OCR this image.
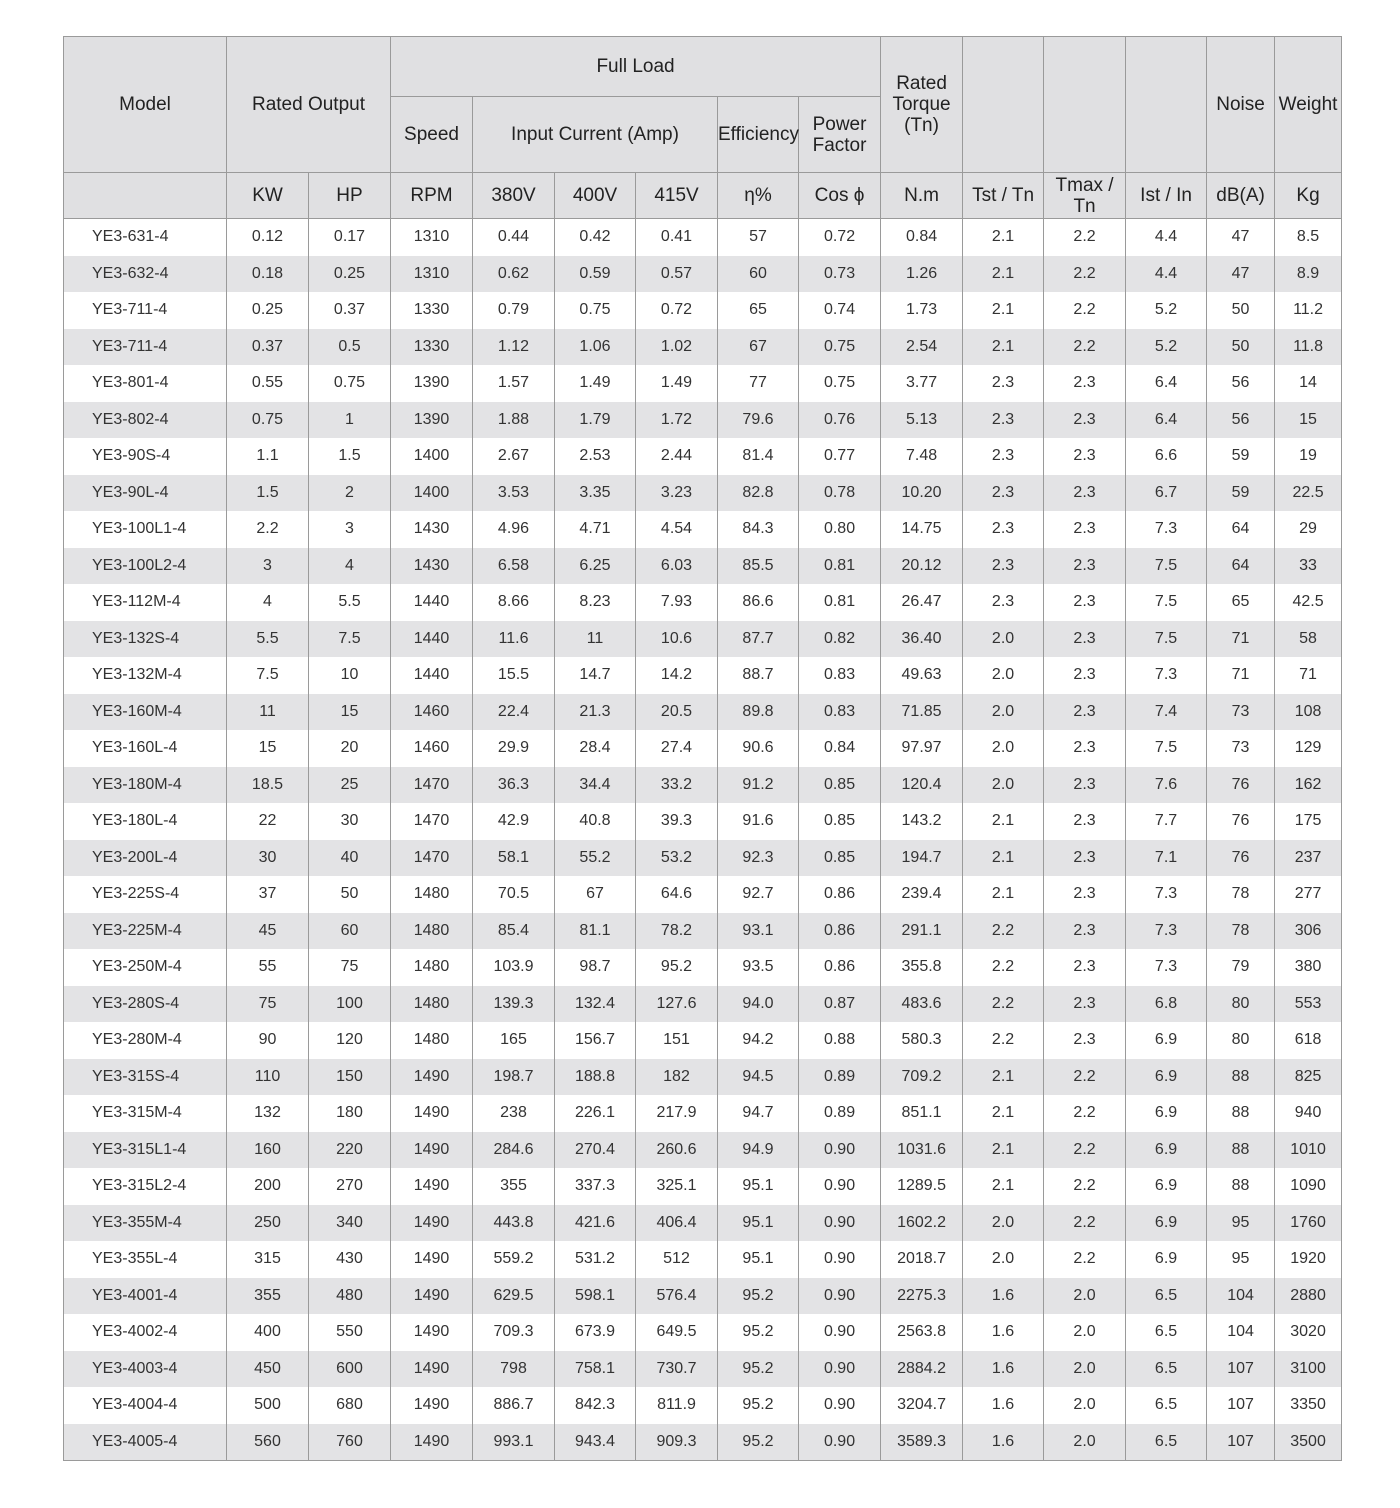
Model	Rated Output		Full Load						Rated Torque (Tn)				Noise	Weight
			Speed	Input Current (Amp)			Efficiency	Power Factor						
	KW	HP	RPM	380V	400V	415V	η%	Cos ϕ	N.m	Tst / Tn	Tmax / Tn	Ist / In	dB(A)	Kg
YE3-631-4	0.12	0.17	1310	0.44	0.42	0.41	57	0.72	0.84	2.1	2.2	4.4	47	8.5
YE3-632-4	0.18	0.25	1310	0.62	0.59	0.57	60	0.73	1.26	2.1	2.2	4.4	47	8.9
YE3-711-4	0.25	0.37	1330	0.79	0.75	0.72	65	0.74	1.73	2.1	2.2	5.2	50	11.2
YE3-711-4	0.37	0.5	1330	1.12	1.06	1.02	67	0.75	2.54	2.1	2.2	5.2	50	11.8
YE3-801-4	0.55	0.75	1390	1.57	1.49	1.49	77	0.75	3.77	2.3	2.3	6.4	56	14
YE3-802-4	0.75	1	1390	1.88	1.79	1.72	79.6	0.76	5.13	2.3	2.3	6.4	56	15
YE3-90S-4	1.1	1.5	1400	2.67	2.53	2.44	81.4	0.77	7.48	2.3	2.3	6.6	59	19
YE3-90L-4	1.5	2	1400	3.53	3.35	3.23	82.8	0.78	10.20	2.3	2.3	6.7	59	22.5
YE3-100L1-4	2.2	3	1430	4.96	4.71	4.54	84.3	0.80	14.75	2.3	2.3	7.3	64	29
YE3-100L2-4	3	4	1430	6.58	6.25	6.03	85.5	0.81	20.12	2.3	2.3	7.5	64	33
YE3-112M-4	4	5.5	1440	8.66	8.23	7.93	86.6	0.81	26.47	2.3	2.3	7.5	65	42.5
YE3-132S-4	5.5	7.5	1440	11.6	11	10.6	87.7	0.82	36.40	2.0	2.3	7.5	71	58
YE3-132M-4	7.5	10	1440	15.5	14.7	14.2	88.7	0.83	49.63	2.0	2.3	7.3	71	71
YE3-160M-4	11	15	1460	22.4	21.3	20.5	89.8	0.83	71.85	2.0	2.3	7.4	73	108
YE3-160L-4	15	20	1460	29.9	28.4	27.4	90.6	0.84	97.97	2.0	2.3	7.5	73	129
YE3-180M-4	18.5	25	1470	36.3	34.4	33.2	91.2	0.85	120.4	2.0	2.3	7.6	76	162
YE3-180L-4	22	30	1470	42.9	40.8	39.3	91.6	0.85	143.2	2.1	2.3	7.7	76	175
YE3-200L-4	30	40	1470	58.1	55.2	53.2	92.3	0.85	194.7	2.1	2.3	7.1	76	237
YE3-225S-4	37	50	1480	70.5	67	64.6	92.7	0.86	239.4	2.1	2.3	7.3	78	277
YE3-225M-4	45	60	1480	85.4	81.1	78.2	93.1	0.86	291.1	2.2	2.3	7.3	78	306
YE3-250M-4	55	75	1480	103.9	98.7	95.2	93.5	0.86	355.8	2.2	2.3	7.3	79	380
YE3-280S-4	75	100	1480	139.3	132.4	127.6	94.0	0.87	483.6	2.2	2.3	6.8	80	553
YE3-280M-4	90	120	1480	165	156.7	151	94.2	0.88	580.3	2.2	2.3	6.9	80	618
YE3-315S-4	110	150	1490	198.7	188.8	182	94.5	0.89	709.2	2.1	2.2	6.9	88	825
YE3-315M-4	132	180	1490	238	226.1	217.9	94.7	0.89	851.1	2.1	2.2	6.9	88	940
YE3-315L1-4	160	220	1490	284.6	270.4	260.6	94.9	0.90	1031.6	2.1	2.2	6.9	88	1010
YE3-315L2-4	200	270	1490	355	337.3	325.1	95.1	0.90	1289.5	2.1	2.2	6.9	88	1090
YE3-355M-4	250	340	1490	443.8	421.6	406.4	95.1	0.90	1602.2	2.0	2.2	6.9	95	1760
YE3-355L-4	315	430	1490	559.2	531.2	512	95.1	0.90	2018.7	2.0	2.2	6.9	95	1920
YE3-4001-4	355	480	1490	629.5	598.1	576.4	95.2	0.90	2275.3	1.6	2.0	6.5	104	2880
YE3-4002-4	400	550	1490	709.3	673.9	649.5	95.2	0.90	2563.8	1.6	2.0	6.5	104	3020
YE3-4003-4	450	600	1490	798	758.1	730.7	95.2	0.90	2884.2	1.6	2.0	6.5	107	3100
YE3-4004-4	500	680	1490	886.7	842.3	811.9	95.2	0.90	3204.7	1.6	2.0	6.5	107	3350
YE3-4005-4	560	760	1490	993.1	943.4	909.3	95.2	0.90	3589.3	1.6	2.0	6.5	107	3500
